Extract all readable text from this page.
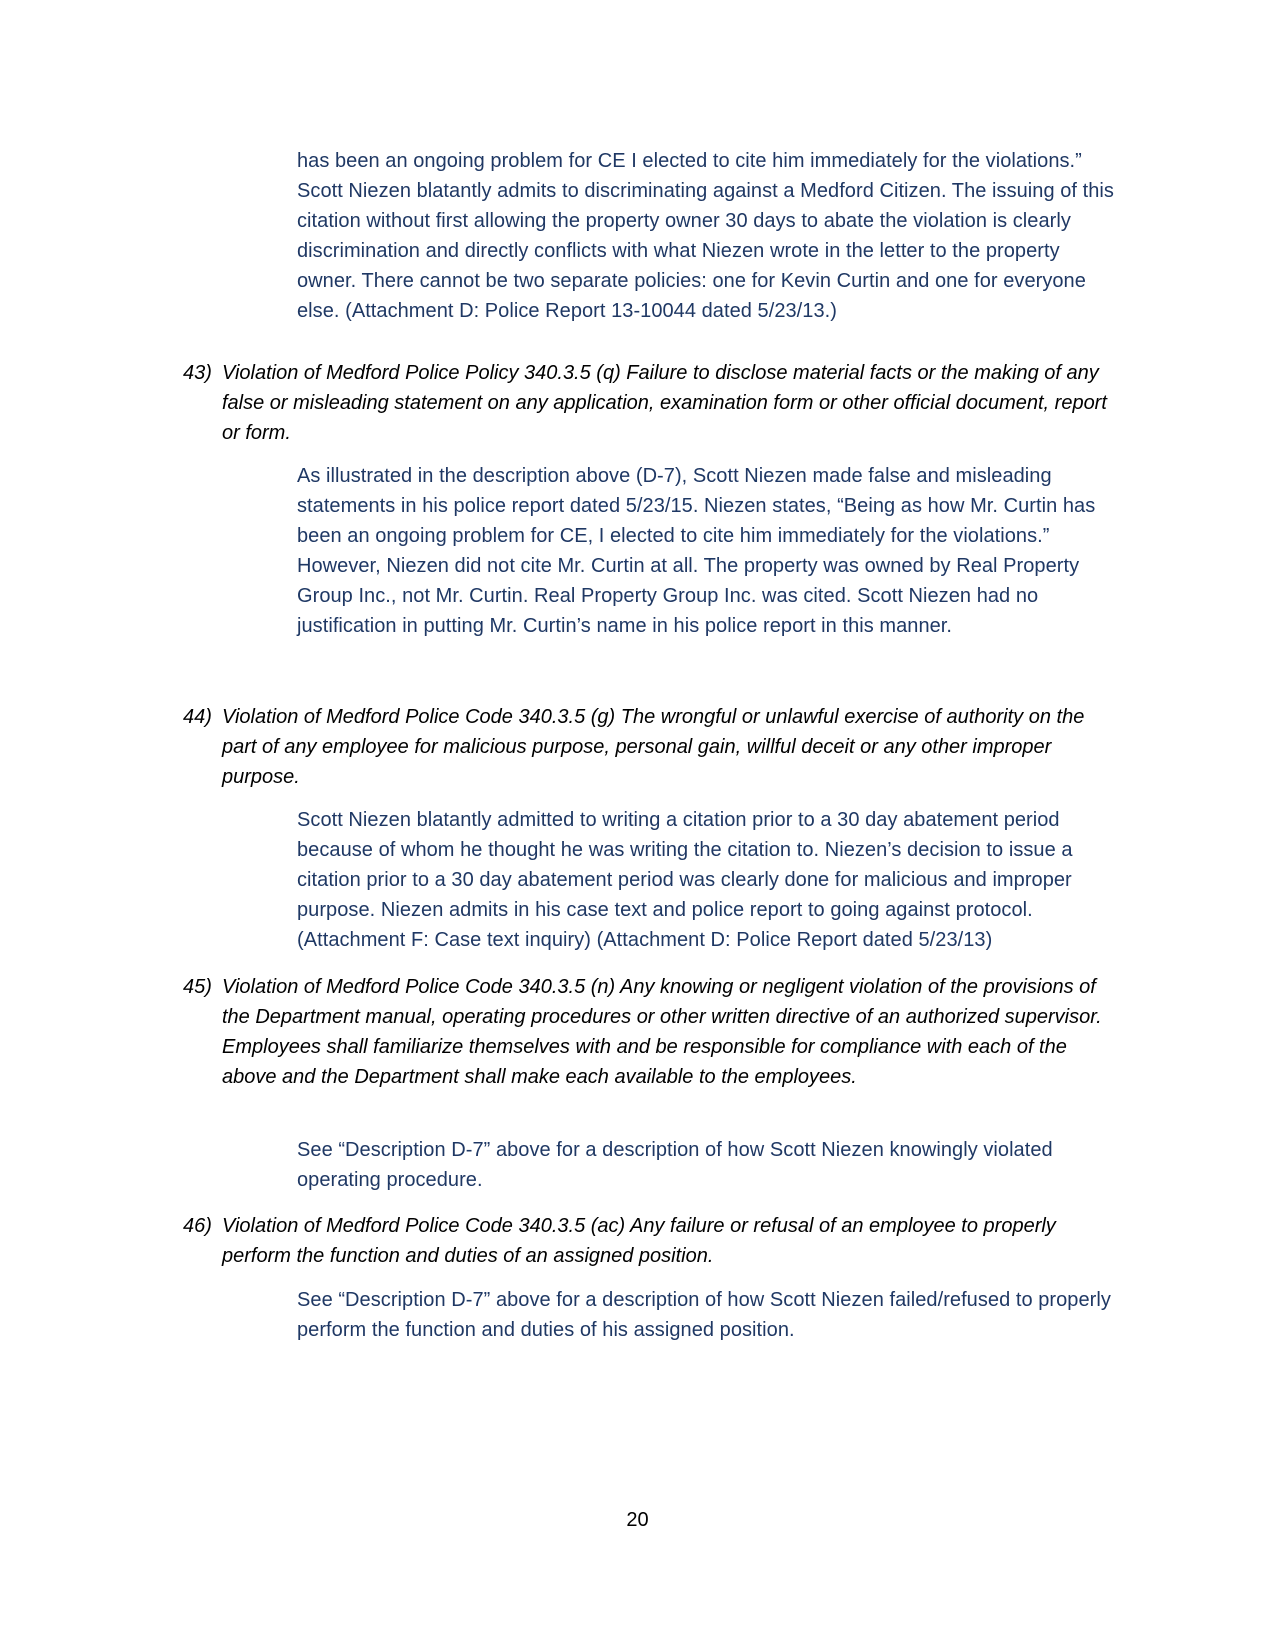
has been an ongoing problem for CE I elected to cite him immediately for the violations.” Scott Niezen blatantly admits to discriminating against a Medford Citizen. The issuing of this citation without first allowing the property owner 30 days to abate the violation is clearly discrimination and directly conflicts with what Niezen wrote in the letter to the property owner. There cannot be two separate policies: one for Kevin Curtin and one for everyone else. (Attachment D: Police Report 13-10044 dated 5/23/13.)

43) Violation of Medford Police Policy 340.3.5 (q) Failure to disclose material facts or the making of any false or misleading statement on any application, examination form or other official document, report or form.

As illustrated in the description above (D-7), Scott Niezen made false and misleading statements in his police report dated 5/23/15. Niezen states, “Being as how Mr. Curtin has been an ongoing problem for CE, I elected to cite him immediately for the violations.” However, Niezen did not cite Mr. Curtin at all. The property was owned by Real Property Group Inc., not Mr. Curtin. Real Property Group Inc. was cited. Scott Niezen had no justification in putting Mr. Curtin’s name in his police report in this manner.

44) Violation of Medford Police Code 340.3.5 (g) The wrongful or unlawful exercise of authority on the part of any employee for malicious purpose, personal gain, willful deceit or any other improper purpose.

Scott Niezen blatantly admitted to writing a citation prior to a 30 day abatement period because of whom he thought he was writing the citation to. Niezen’s decision to issue a citation prior to a 30 day abatement period was clearly done for malicious and improper purpose. Niezen admits in his case text and police report to going against protocol. (Attachment F: Case text inquiry) (Attachment D: Police Report dated 5/23/13)

45) Violation of Medford Police Code 340.3.5 (n) Any knowing or negligent violation of the provisions of the Department manual, operating procedures or other written directive of an authorized supervisor. Employees shall familiarize themselves with and be responsible for compliance with each of the above and the Department shall make each available to the employees.

See “Description D-7” above for a description of how Scott Niezen knowingly violated operating procedure.

46) Violation of Medford Police Code 340.3.5 (ac) Any failure or refusal of an employee to properly perform the function and duties of an assigned position.

See “Description D-7” above for a description of how Scott Niezen failed/refused to properly perform the function and duties of his assigned position.

20
